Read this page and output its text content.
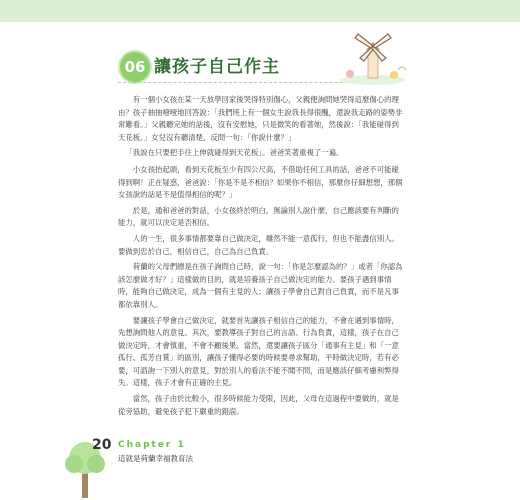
06 讓孩子自己作主

有一個小女孩在某一天放學回家後哭得特別傷心，父親便詢問她哭得這麼傷心的理由？孩子抽抽噎噎地回答說：「我們班上有一個女生說我長得很醜，還說我走路的姿勢非常難看。」父親聽完她的話後，沒有安慰她，只是微笑的看著她，然後說：「我能碰得到天花板。」女兒沒有聽清楚，反問一句：「你說什麼？」

「我說在只要把手往上伸就碰得到天花板」。爸爸笑著重複了一遍。

小女孩抬起頭，看到天花板至少有四公尺高，不借助任何工具的話，爸爸不可能碰得到啊！正在疑惑，爸爸說：「你是不是不相信？如果你不相信，那麼你仔細想想，那個女孩說的話是不是值得相信的呢？」

於是，通和爸爸的對話，小女孩終於明白，無論別人說什麼，自己應該要有判斷的能力，就可以決定是否相信。

人的一生，很多事情都要靠自己做決定，雖然不能一意孤行，但也不能盡信別人。要做到忠於自己，相信自己，自己為自己負責。

荷蘭的父母們總是在孩子詢問自己時，說一句：「你是怎麼認為的？」或者「你認為該怎麼做才好？」這樣做的目的，就是培養孩子自己做決定的能力。要孩子遇到事情時，能夠自己做決定，成為一個有主見的人；讓孩子學會自己對自己負責，而不是凡事都依靠別人。

要讓孩子學會自己做決定，就要首先讓孩子相信自己的能力，不會在遇到事情時，先想詢問他人的意見。其次，要教導孩子對自己的言語、行為負責，這樣，孩子在自己做決定時，才會慎重，不會不顧後果。當然，還要讓孩子區分「通事有主見」和「一意孤行、孤芳自賞」的區別，讓孩子懂得必要的時候要尋求幫助，平時做決定時，若有必要，可諮詢一下別人的意見，對於別人的看法不能不聞不問，而是應該仔細考慮利弊得失。這樣，孩子才會有正確的主見。

當然，孩子由於比較小，很多時候能力受限，因此，父母在這過程中要做的，就是從旁協助，避免孩子犯下嚴重的錯誤。

20 Chapter 1
這就是荷蘭幸福教育法
